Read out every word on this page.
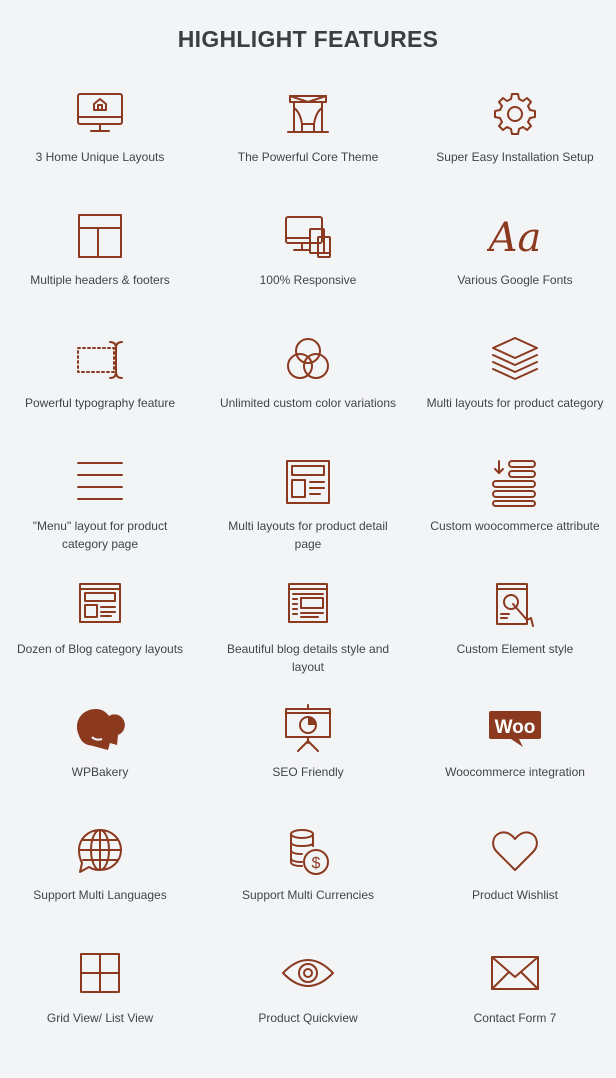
HIGHLIGHT FEATURES
3 Home Unique Layouts	The Powerful Core Theme	Super Easy Installation Setup
Multiple headers & footers	100% Responsive
Aa
Various Google Fonts
Powerful typography feature	Unlimited custom color variations	Multi layouts for product category
"Menu" layout for product category page
Multi layouts for product detail page
Custom woocommerce attribute
Dozen of Blog category layouts	Beautiful blog details style and layout
Custom Element style
WPBakery	SEO Friendly
Woo
Woocommerce integration
Support Multi Languages
$
Support Multi Currencies	Product Wishlist
Grid View/ List View	Product Quickview	Contact Form 7
